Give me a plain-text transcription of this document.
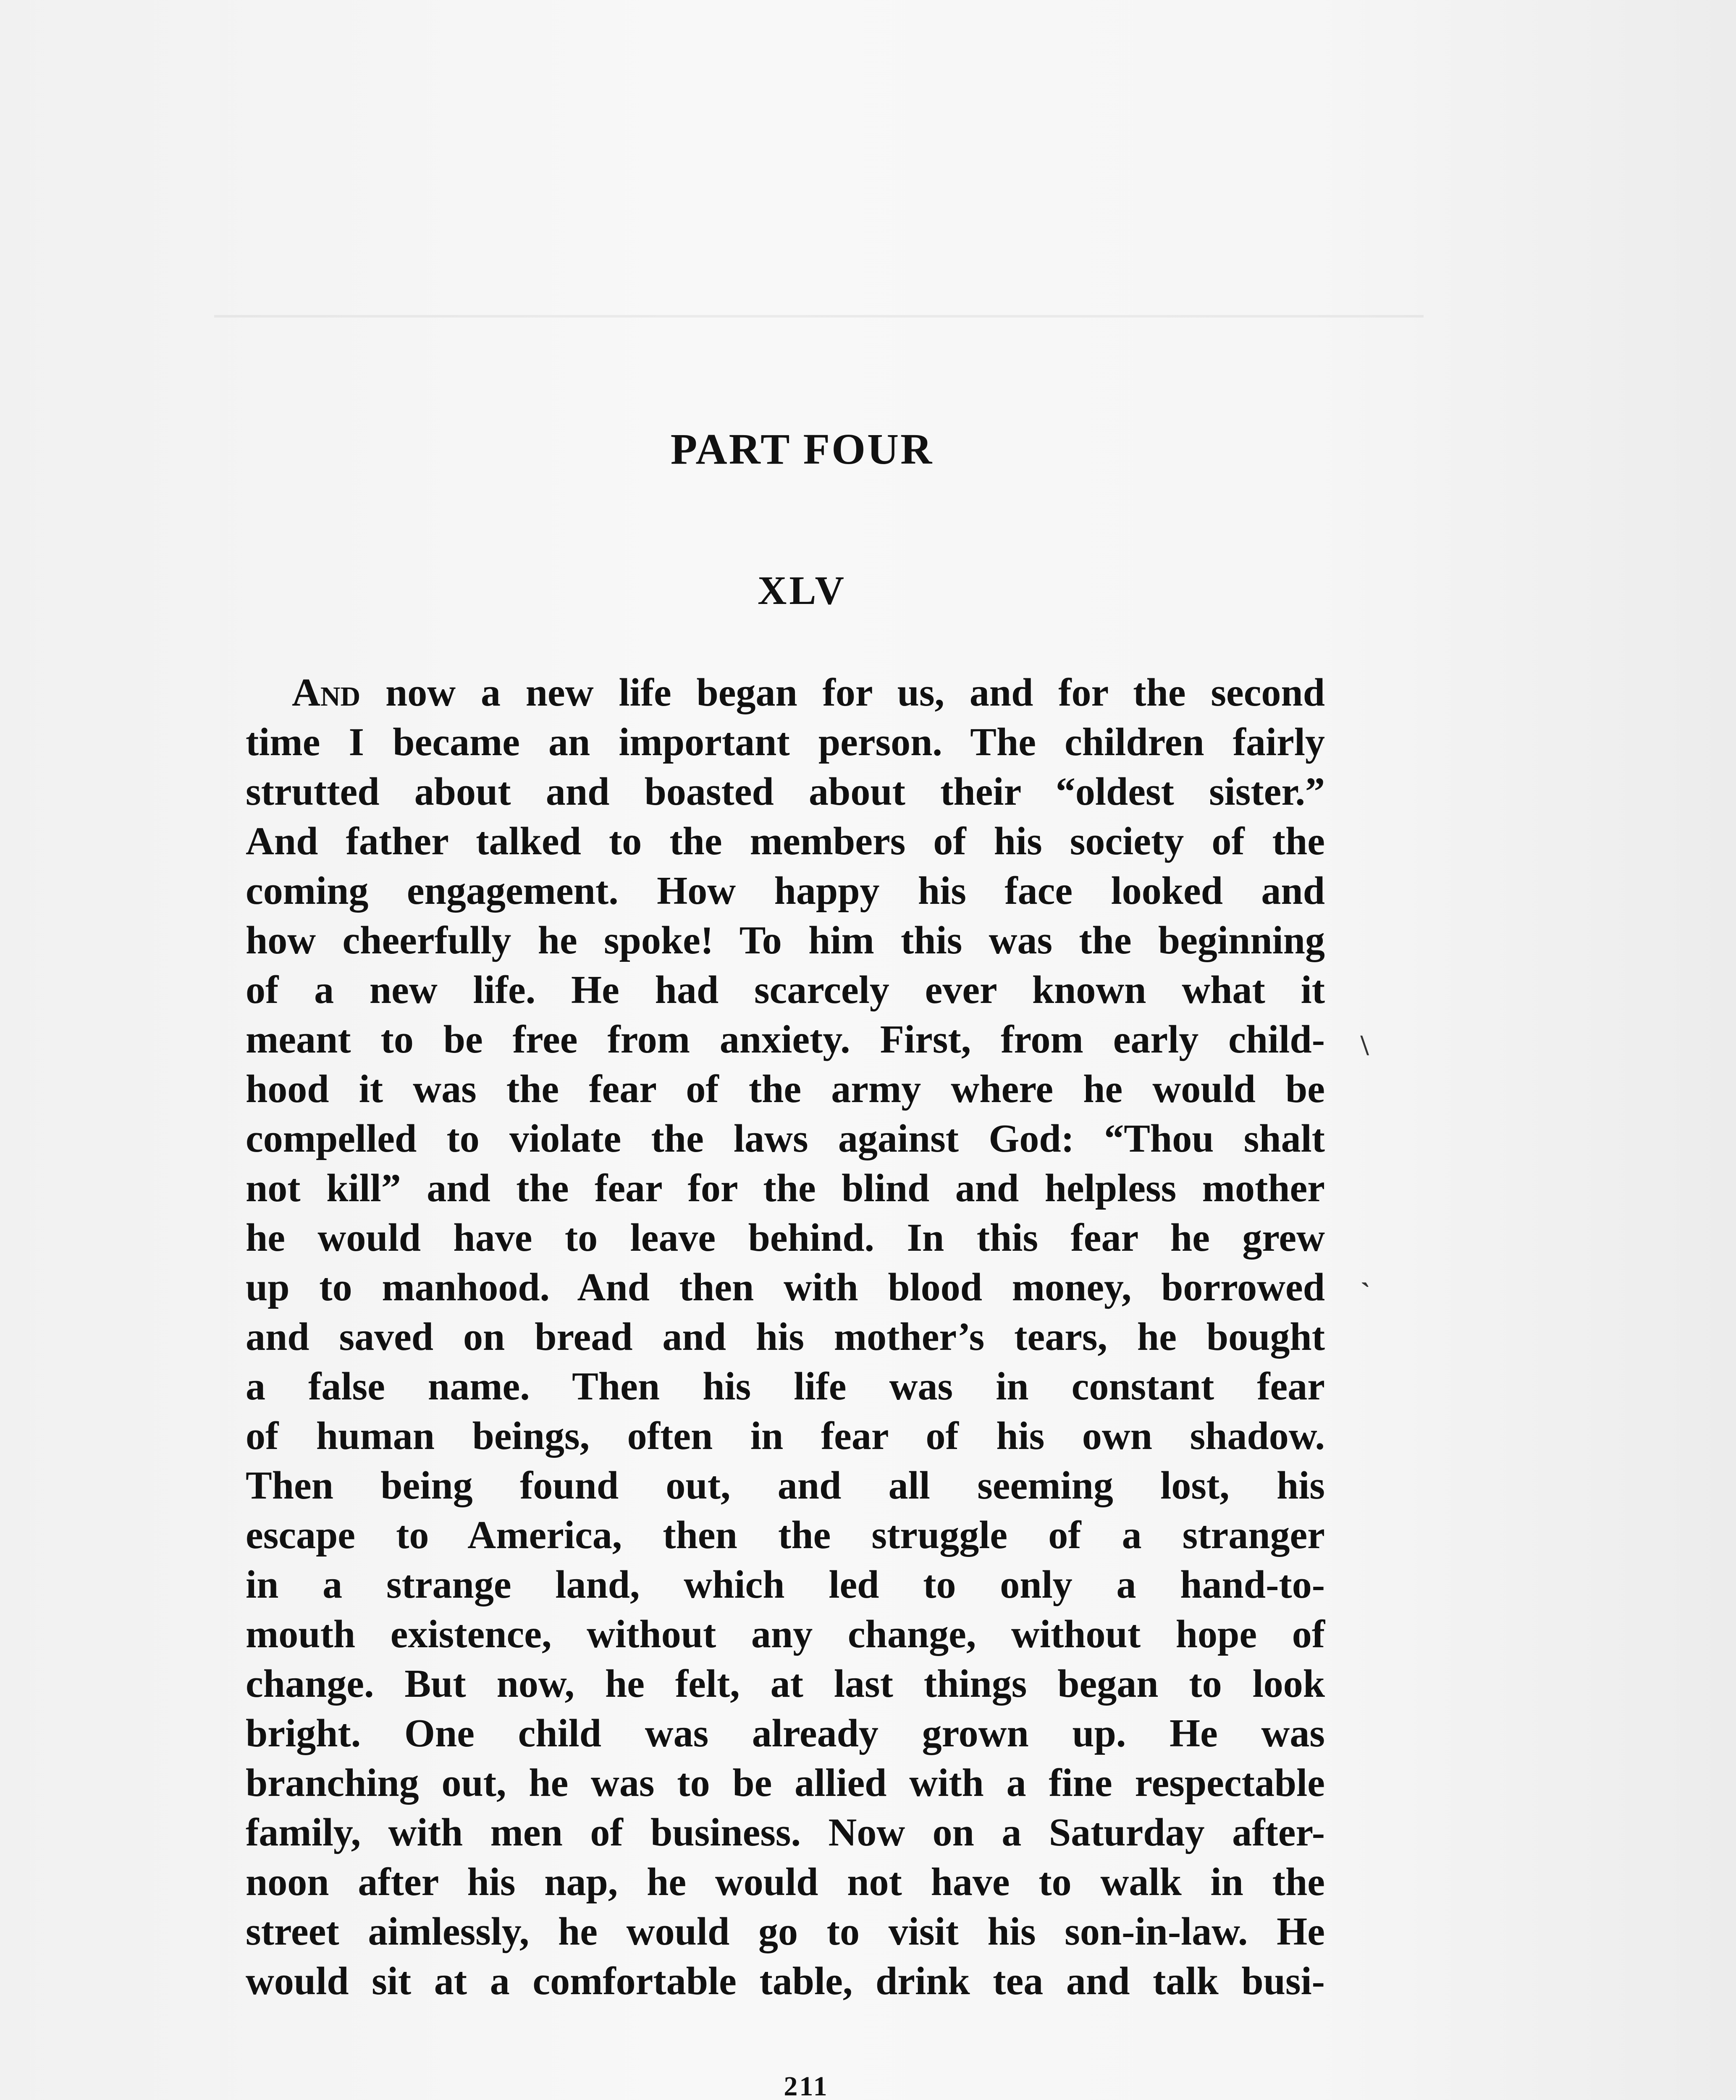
PART FOUR
XLV
And now a new life began for us, and for the second
time I became an important person. The children fairly
strutted about and boasted about their “oldest sister.”
And father talked to the members of his society of the
coming engagement. How happy his face looked and
how cheerfully he spoke! To him this was the beginning
of a new life. He had scarcely ever known what it
meant to be free from anxiety. First, from early child-
hood it was the fear of the army where he would be
compelled to violate the laws against God: “Thou shalt
not kill” and the fear for the blind and helpless mother
he would have to leave behind. In this fear he grew
up to manhood. And then with blood money, borrowed
and saved on bread and his mother’s tears, he bought
a false name. Then his life was in constant fear
of human beings, often in fear of his own shadow.
Then being found out, and all seeming lost, his
escape to America, then the struggle of a stranger
in a strange land, which led to only a hand-to-
mouth existence, without any change, without hope of
change. But now, he felt, at last things began to look
bright. One child was already grown up. He was
branching out, he was to be allied with a fine respectable
family, with men of business. Now on a Saturday after-
noon after his nap, he would not have to walk in the
street aimlessly, he would go to visit his son-in-law. He
would sit at a comfortable table, drink tea and talk busi-
\
`
211
